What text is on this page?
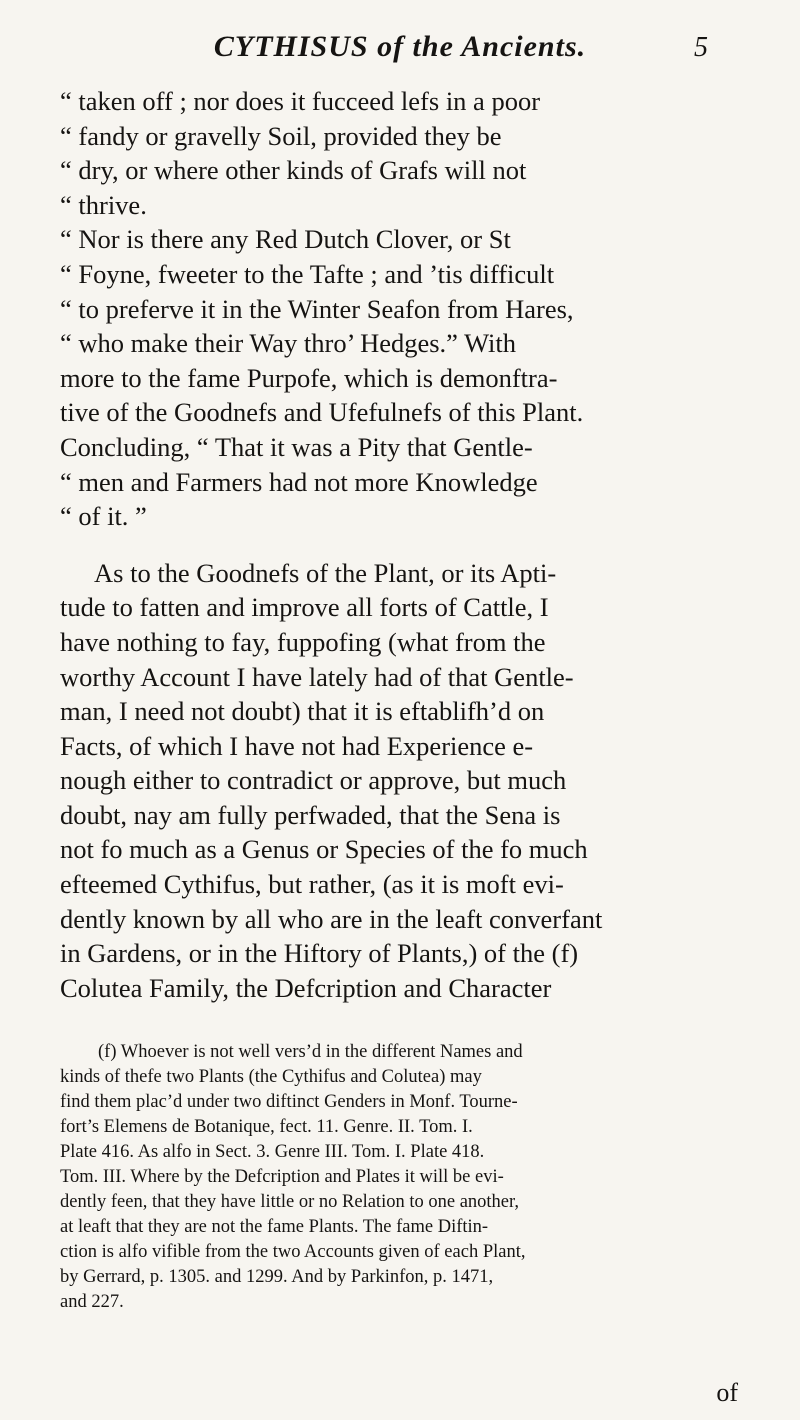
CYTHISUS of the Ancients.	5
“ taken off ; nor does it fucceed lefs in a poor
“ fandy or gravelly Soil, provided they be
“ dry, or where other kinds of Grafs will not
“ thrive.
“ Nor is there any Red Dutch Clover, or St
“ Foyne, fweeter to the Tafte ; and ’tis difficult
“ to preferve it in the Winter Seafon from Hares,
“ who make their Way thro’ Hedges.” With
more to the fame Purpofe, which is demonftra-
tive of the Goodnefs and Ufefulnefs of this Plant.
Concluding, “ That it was a Pity that Gentle-
“ men and Farmers had not more Knowledge
“ of it. ”
As to the Goodnefs of the Plant, or its Apti-
tude to fatten and improve all forts of Cattle, I
have nothing to fay, fuppofing (what from the
worthy Account I have lately had of that Gentle-
man, I need not doubt) that it is eftablifh’d on
Facts, of which I have not had Experience e-
nough either to contradict or approve, but much
doubt, nay am fully perfwaded, that the Sena is
not fo much as a Genus or Species of the fo much
efteemed Cythifus, but rather, (as it is moft evi-
dently known by all who are in the leaft converfant
in Gardens, or in the Hiftory of Plants,) of the (f)
Colutea Family, the Defcription and Character
(f) Whoever is not well vers’d in the different Names and
kinds of thefe two Plants (the Cythifus and Colutea) may
find them plac’d under two diftinct Genders in Monf. Tourne-
fort’s Elemens de Botanique, fect. 11. Genre. II. Tom. I.
Plate 416. As alfo in Sect. 3. Genre III. Tom. I. Plate 418.
Tom. III. Where by the Defcription and Plates it will be evi-
dently feen, that they have little or no Relation to one another,
at leaft that they are not the fame Plants. The fame Diftin-
ction is alfo vifible from the two Accounts given of each Plant,
by Gerrard, p. 1305. and 1299. And by Parkinfon, p. 1471,
and 227.
of
